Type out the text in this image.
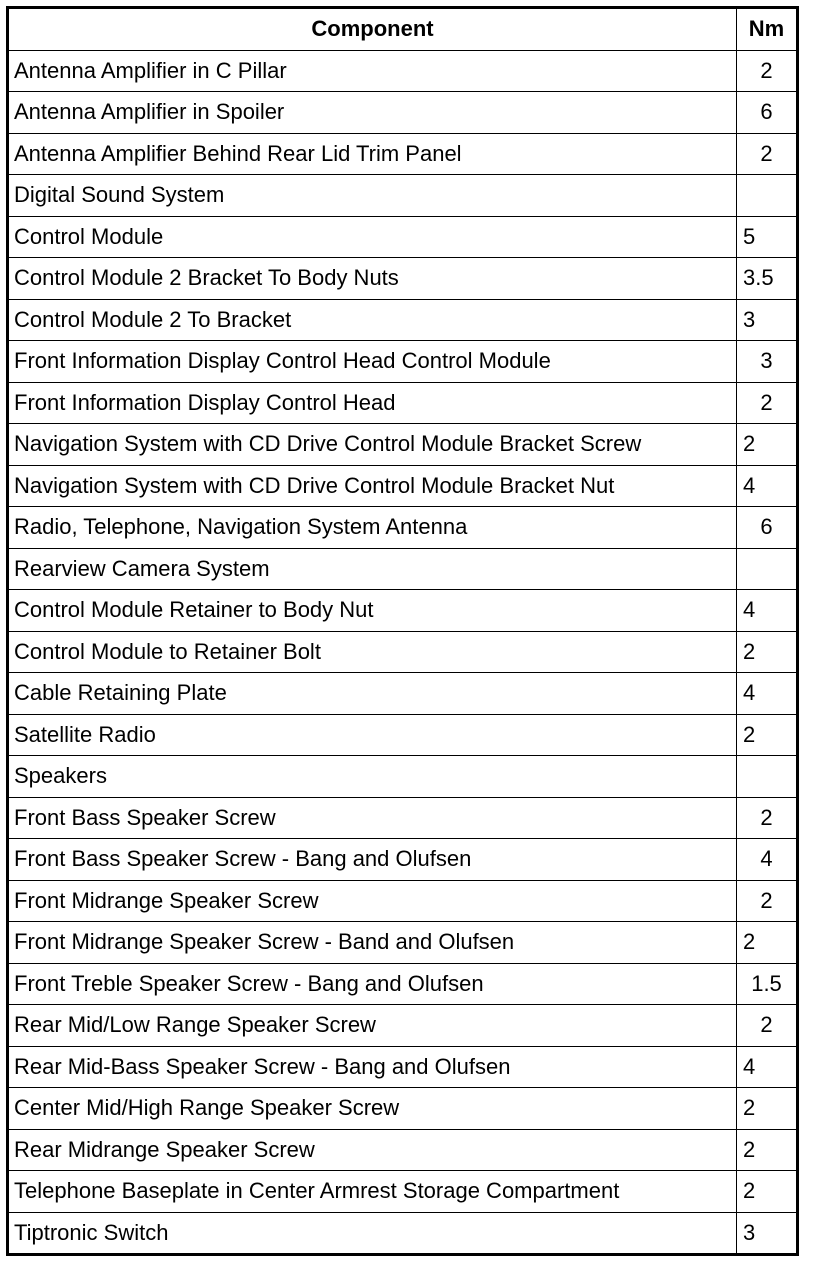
Component	Nm
Antenna Amplifier in C Pillar	2
Antenna Amplifier in Spoiler	6
Antenna Amplifier Behind Rear Lid Trim Panel	2
Digital Sound System	
Control Module	5
Control Module 2 Bracket To Body Nuts	3.5
Control Module 2 To Bracket	3
Front Information Display Control Head Control Module	3
Front Information Display Control Head	2
Navigation System with CD Drive Control Module Bracket Screw	2
Navigation System with CD Drive Control Module Bracket Nut	4
Radio, Telephone, Navigation System Antenna	6
Rearview Camera System	
Control Module Retainer to Body Nut	4
Control Module to Retainer Bolt	2
Cable Retaining Plate	4
Satellite Radio	2
Speakers	
Front Bass Speaker Screw	2
Front Bass Speaker Screw - Bang and Olufsen	4
Front Midrange Speaker Screw	2
Front Midrange Speaker Screw - Band and Olufsen	2
Front Treble Speaker Screw - Bang and Olufsen	1.5
Rear Mid/Low Range Speaker Screw	2
Rear Mid-Bass Speaker Screw - Bang and Olufsen	4
Center Mid/High Range Speaker Screw	2
Rear Midrange Speaker Screw	2
Telephone Baseplate in Center Armrest Storage Compartment	2
Tiptronic Switch	3
